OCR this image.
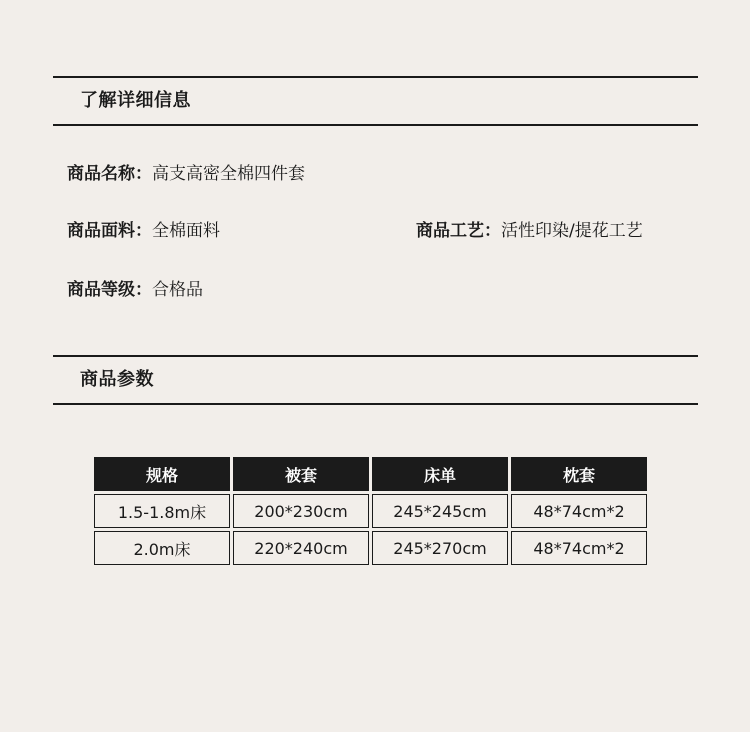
了解详细信息
商品名称：高支高密全棉四件套
商品面料：全棉面料	商品工艺：活性印染/提花工艺
商品等级：合格品
商品参数
规格	被套	床单	枕套
1.5-1.8m床	200*230cm	245*245cm	48*74cm*2
2.0m床	220*240cm	245*270cm	48*74cm*2
